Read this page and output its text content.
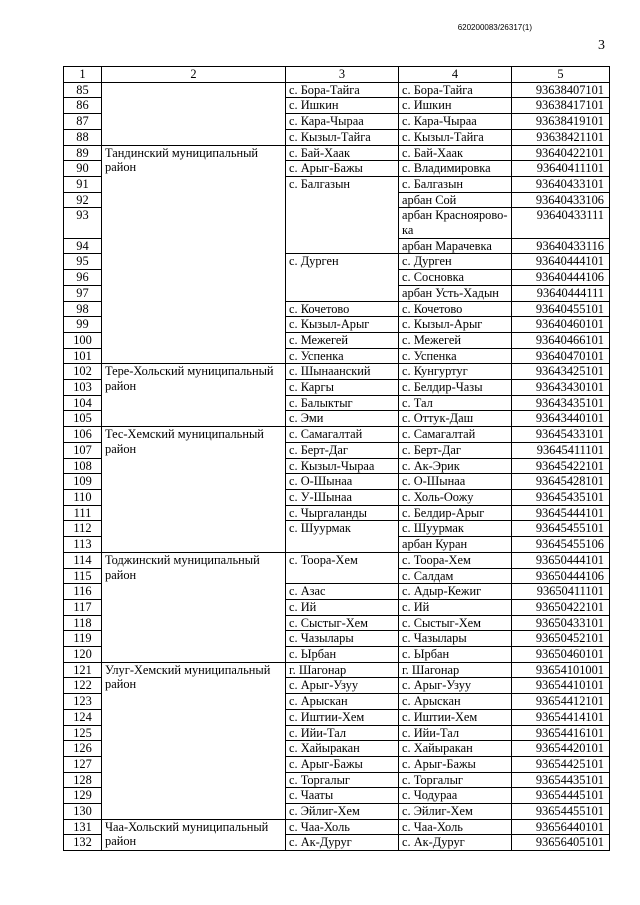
620200083/26317(1)
3
1	2	3	4	5
85		с. Бора-Тайга	с. Бора-Тайга	93638407101
86		с. Ишкин	с. Ишкин	93638417101
87		с. Кара-Чыраа	с. Кара-Чыраа	93638419101
88		с. Кызыл-Тайга	с. Кызыл-Тайга	93638421101
89	Тандинский муниципальный район	с. Бай-Хаак	с. Бай-Хаак	93640422101
90		с. Арыг-Бажы	с. Владимировка	93640411101
91		с. Балгазын	с. Балгазын	93640433101
92			арбан Сой	93640433106
93			арбан Красноярово-ка	93640433111
94			арбан Марачевка	93640433116
95		с. Дурген	с. Дурген	93640444101
96			с. Сосновка	93640444106
97			арбан Усть-Хадын	93640444111
98		с. Кочетово	с. Кочетово	93640455101
99		с. Кызыл-Арыг	с. Кызыл-Арыг	93640460101
100		с. Межегей	с. Межегей	93640466101
101		с. Успенка	с. Успенка	93640470101
102	Тере-Хольский муниципальный район	с. Шынаанский	с. Кунгуртуг	93643425101
103		с. Каргы	с. Белдир-Чазы	93643430101
104		с. Балыктыг	с. Тал	93643435101
105		с. Эми	с. Оттук-Даш	93643440101
106	Тес-Хемский муниципальный район	с. Самагалтай	с. Самагалтай	93645433101
107		с. Берт-Даг	с. Берт-Даг	93645411101
108		с. Кызыл-Чыраа	с. Ак-Эрик	93645422101
109		с. О-Шынаа	с. О-Шынаа	93645428101
110		с. У-Шынаа	с. Холь-Оожу	93645435101
111		с. Чыргаланды	с. Белдир-Арыг	93645444101
112		с. Шуурмак	с. Шуурмак	93645455101
113			арбан Куран	93645455106
114	Тоджинский муниципальный район	с. Тоора-Хем	с. Тоора-Хем	93650444101
115			с. Салдам	93650444106
116		с. Азас	с. Адыр-Кежиг	93650411101
117		с. Ий	с. Ий	93650422101
118		с. Сыстыг-Хем	с. Сыстыг-Хем	93650433101
119		с. Чазылары	с. Чазылары	93650452101
120		с. Ырбан	с. Ырбан	93650460101
121	Улуг-Хемский муниципальный район	г. Шагонар	г. Шагонар	93654101001
122		с. Арыг-Узуу	с. Арыг-Узуу	93654410101
123		с. Арыскан	с. Арыскан	93654412101
124		с. Иштии-Хем	с. Иштии-Хем	93654414101
125		с. Ийи-Тал	с. Ийи-Тал	93654416101
126		с. Хайыракан	с. Хайыракан	93654420101
127		с. Арыг-Бажы	с. Арыг-Бажы	93654425101
128		с. Торгалыг	с. Торгалыг	93654435101
129		с. Чааты	с. Чодураа	93654445101
130		с. Эйлиг-Хем	с. Эйлиг-Хем	93654455101
131	Чаа-Хольский муниципальный район	с. Чаа-Холь	с. Чаа-Холь	93656440101
132		с. Ак-Дуруг	с. Ак-Дуруг	93656405101
